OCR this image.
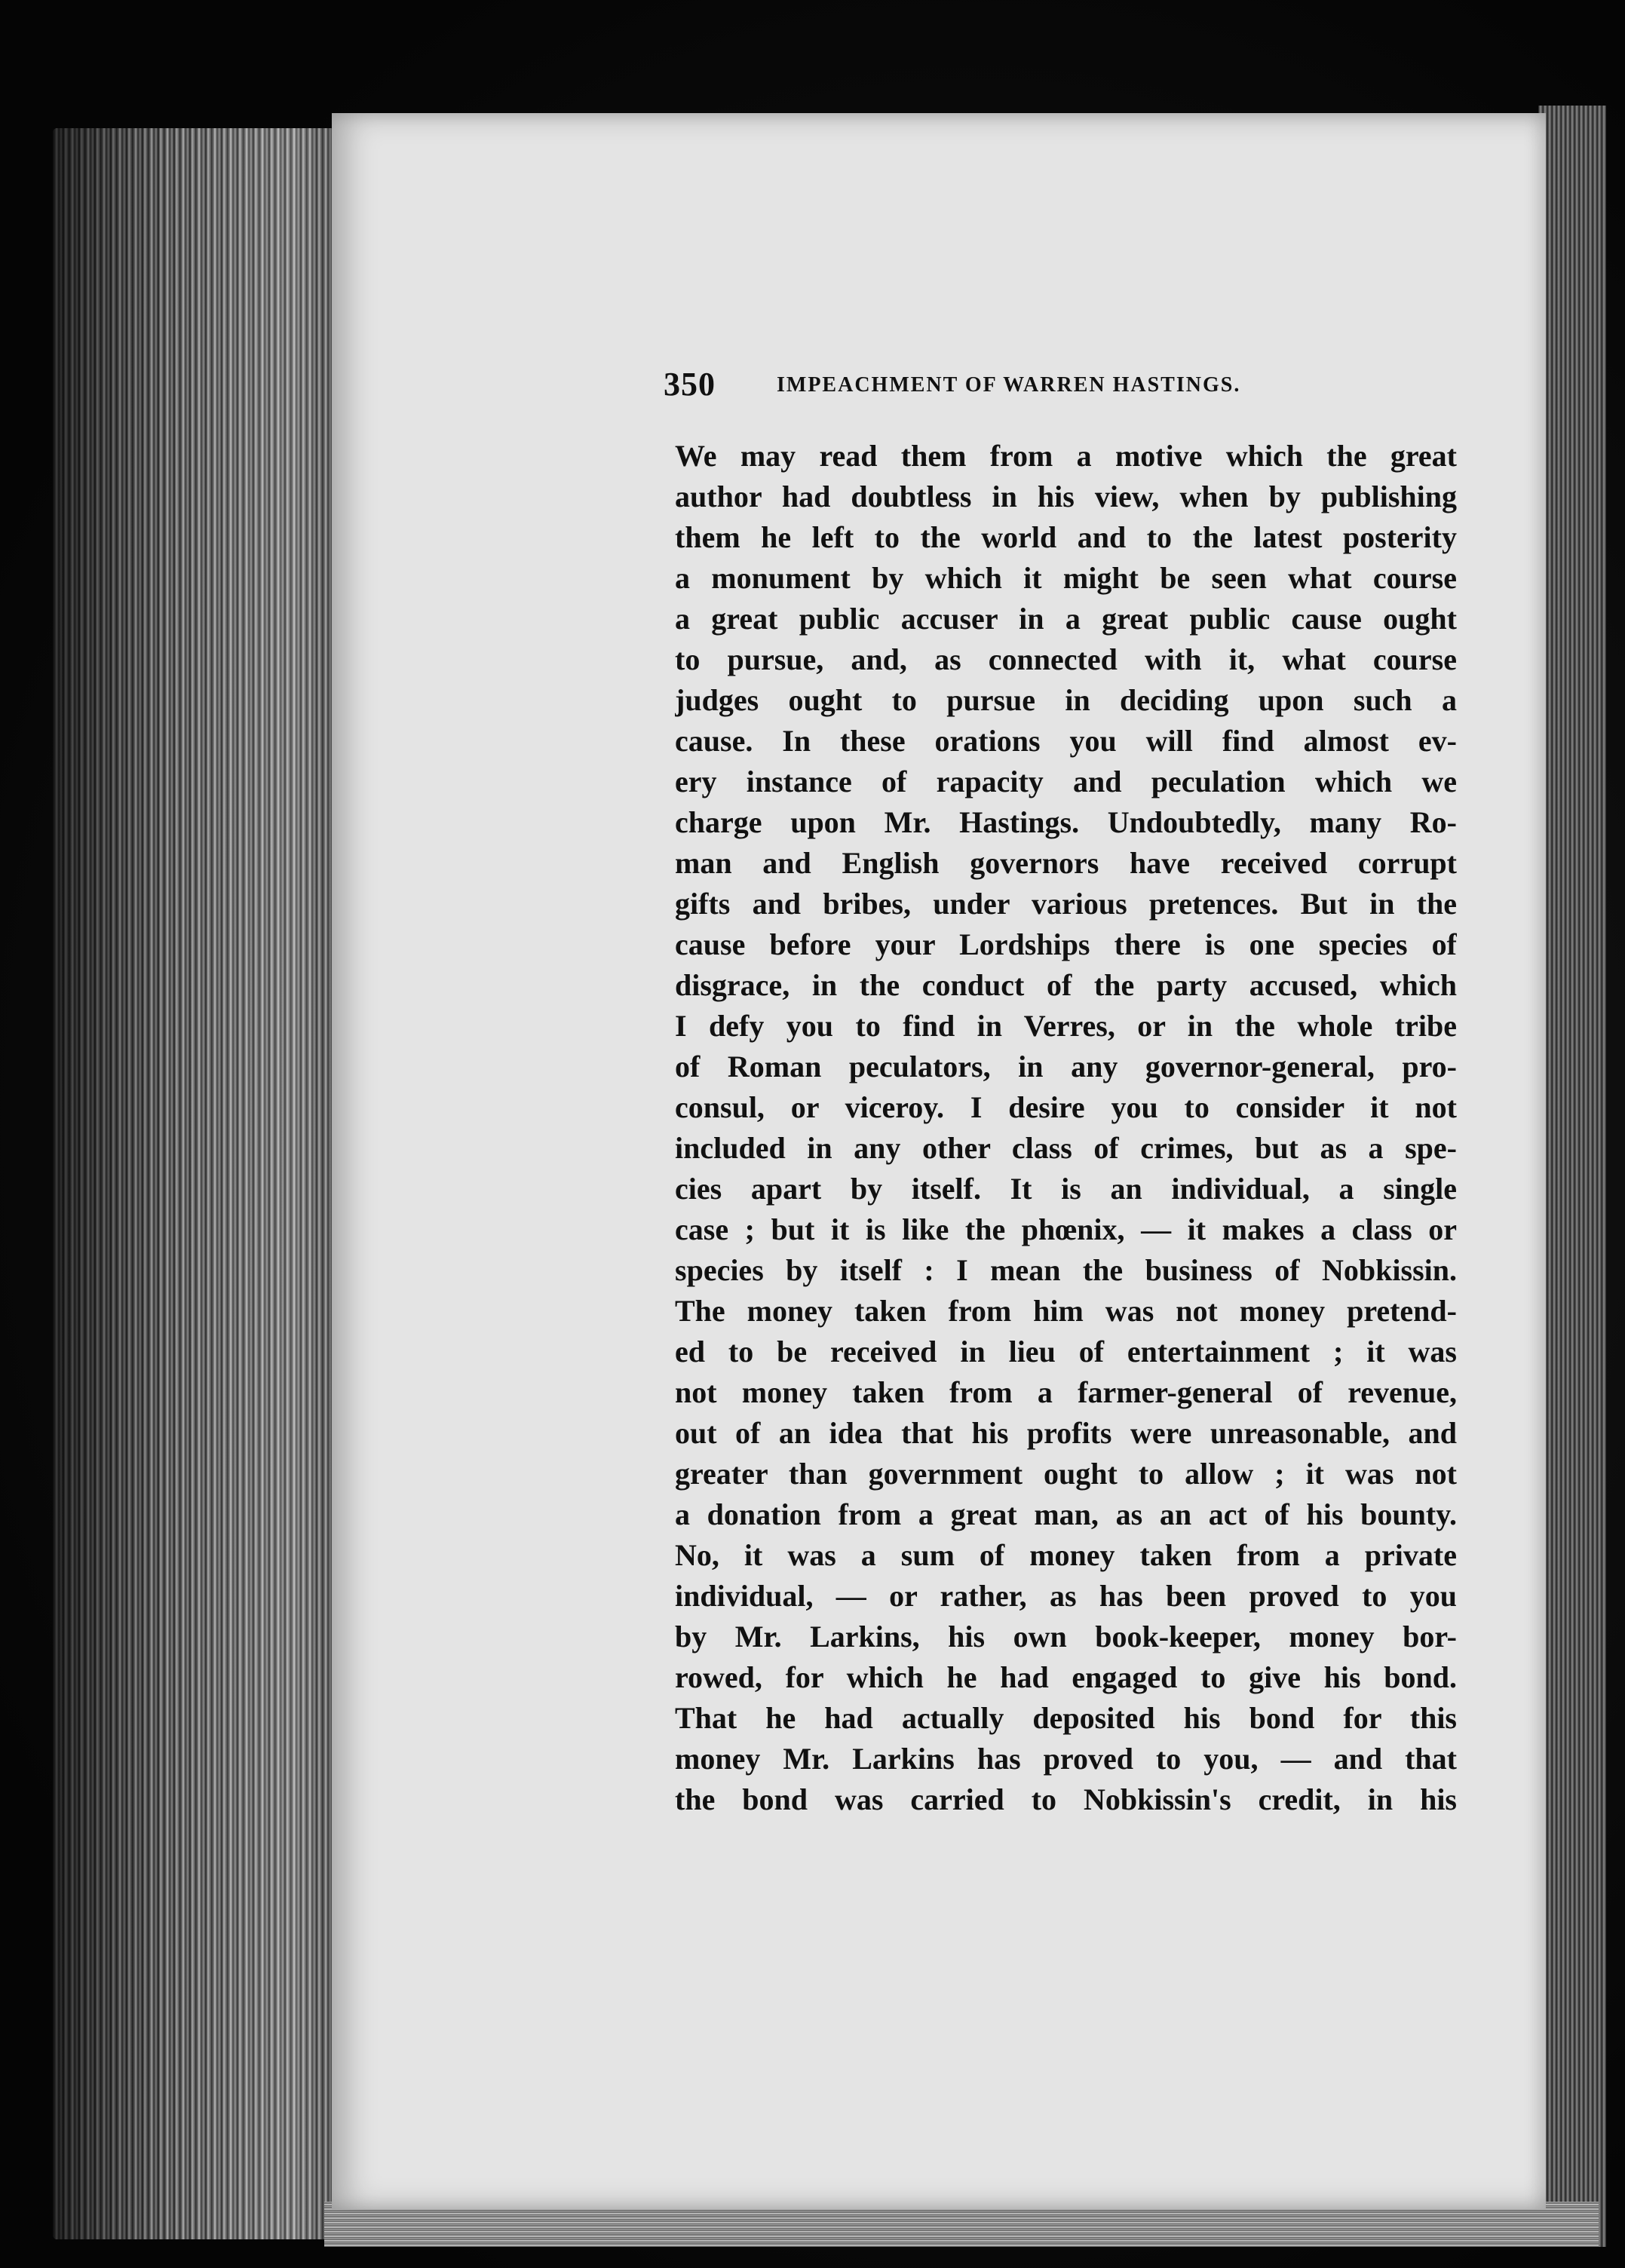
350	IMPEACHMENT OF WARREN HASTINGS.
We may read them from a motive which the great
author had doubtless in his view, when by publishing
them he left to the world and to the latest posterity
a monument by which it might be seen what course
a great public accuser in a great public cause ought
to pursue, and, as connected with it, what course
judges ought to pursue in deciding upon such a
cause. In these orations you will find almost ev-
ery instance of rapacity and peculation which we
charge upon Mr. Hastings. Undoubtedly, many Ro-
man and English governors have received corrupt
gifts and bribes, under various pretences. But in the
cause before your Lordships there is one species of
disgrace, in the conduct of the party accused, which
I defy you to find in Verres, or in the whole tribe
of Roman peculators, in any governor-general, pro-
consul, or viceroy. I desire you to consider it not
included in any other class of crimes, but as a spe-
cies apart by itself. It is an individual, a single
case ; but it is like the phœnix, — it makes a class or
species by itself : I mean the business of Nobkissin.
The money taken from him was not money pretend-
ed to be received in lieu of entertainment ; it was
not money taken from a farmer-general of revenue,
out of an idea that his profits were unreasonable, and
greater than government ought to allow ; it was not
a donation from a great man, as an act of his bounty.
No, it was a sum of money taken from a private
individual, — or rather, as has been proved to you
by Mr. Larkins, his own book-keeper, money bor-
rowed, for which he had engaged to give his bond.
That he had actually deposited his bond for this
money Mr. Larkins has proved to you, — and that
the bond was carried to Nobkissin's credit, in his
